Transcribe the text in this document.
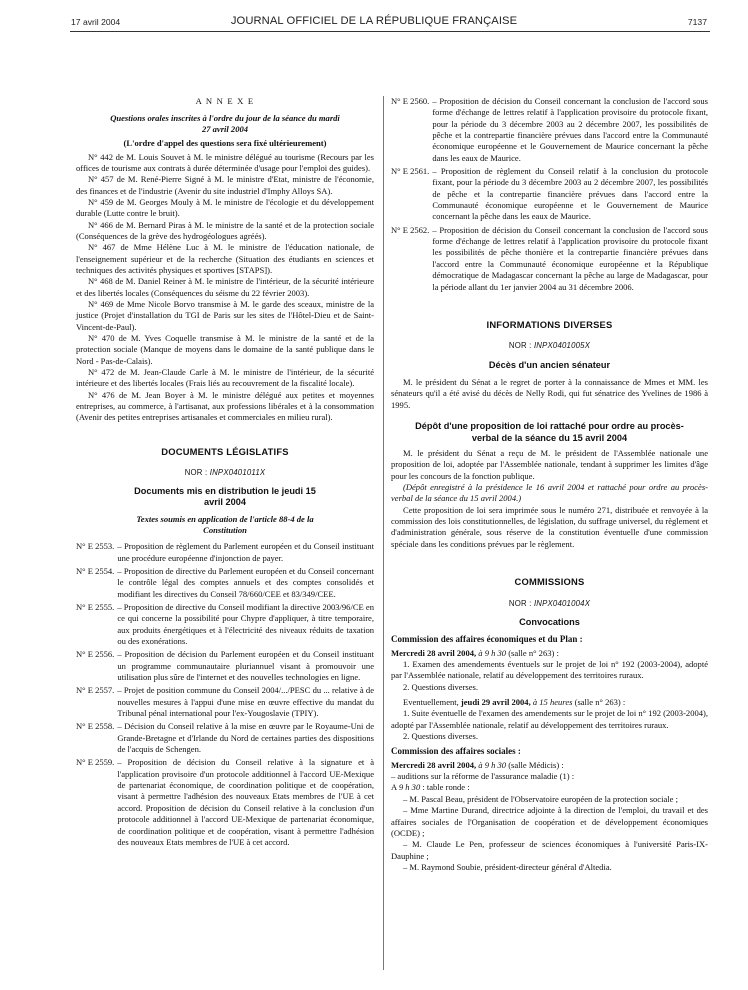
17 avril 2004	JOURNAL OFFICIEL DE LA RÉPUBLIQUE FRANÇAISE	7137

A N N E X E

Questions orales inscrites à l'ordre du jour de la séance du mardi 27 avril 2004

(L'ordre d'appel des questions sera fixé ultérieurement)

N° 442 de M. Louis Souvet à M. le ministre délégué au tourisme (Recours par les offices de tourisme aux contrats à durée déterminée d'usage pour l'emploi des guides).

N° 457 de M. René-Pierre Signé à M. le ministre d'Etat, ministre de l'économie, des finances et de l'industrie (Avenir du site industriel d'Imphy Alloys SA).

N° 459 de M. Georges Mouly à M. le ministre de l'écologie et du développement durable (Lutte contre le bruit).

N° 466 de M. Bernard Piras à M. le ministre de la santé et de la protection sociale (Conséquences de la grève des hydrogéologues agréés).

N° 467 de Mme Hélène Luc à M. le ministre de l'éducation nationale, de l'enseignement supérieur et de la recherche (Situation des étudiants en sciences et techniques des activités physiques et sportives [STAPS]).

N° 468 de M. Daniel Reiner à M. le ministre de l'intérieur, de la sécurité intérieure et des libertés locales (Conséquences du séisme du 22 février 2003).

N° 469 de Mme Nicole Borvo transmise à M. le garde des sceaux, ministre de la justice (Projet d'installation du TGI de Paris sur les sites de l'Hôtel-Dieu et de Saint-Vincent-de-Paul).

N° 470 de M. Yves Coquelle transmise à M. le ministre de la santé et de la protection sociale (Manque de moyens dans le domaine de la santé publique dans le Nord - Pas-de-Calais).

N° 472 de M. Jean-Claude Carle à M. le ministre de l'intérieur, de la sécurité intérieure et des libertés locales (Frais liés au recouvrement de la fiscalité locale).

N° 476 de M. Jean Boyer à M. le ministre délégué aux petites et moyennes entreprises, au commerce, à l'artisanat, aux professions libérales et à la consommation (Avenir des petites entreprises artisanales et commerciales en milieu rural).

DOCUMENTS LÉGISLATIFS

NOR : INPX0401011X

Documents mis en distribution le jeudi 15 avril 2004

Textes soumis en application de l'article 88-4 de la Constitution

N° E 2553. – Proposition de règlement du Parlement européen et du Conseil instituant une procédure européenne d'injonction de payer.
N° E 2554. – Proposition de directive du Parlement européen et du Conseil concernant le contrôle légal des comptes annuels et des comptes consolidés et modifiant les directives du Conseil 78/660/CEE et 83/349/CEE.
N° E 2555. – Proposition de directive du Conseil modifiant la directive 2003/96/CE en ce qui concerne la possibilité pour Chypre d'appliquer, à titre temporaire, aux produits énergétiques et à l'électricité des niveaux réduits de taxation ou des exonérations.
N° E 2556. – Proposition de décision du Parlement européen et du Conseil instituant un programme communautaire pluriannuel visant à promouvoir une utilisation plus sûre de l'internet et des nouvelles technologies en ligne.
N° E 2557. – Projet de position commune du Conseil 2004/.../PESC du ... relative à de nouvelles mesures à l'appui d'une mise en œuvre effective du mandat du Tribunal pénal international pour l'ex-Yougoslavie (TPIY).
N° E 2558. – Décision du Conseil relative à la mise en œuvre par le Royaume-Uni de Grande-Bretagne et d'Irlande du Nord de certaines parties des dispositions de l'acquis de Schengen.
N° E 2559. – Proposition de décision du Conseil relative à la signature et à l'application provisoire d'un protocole additionnel à l'accord UE-Mexique de partenariat économique, de coordination politique et de coopération, visant à permettre l'adhésion des nouveaux Etats membres de l'UE à cet accord. Proposition de décision du Conseil relative à la conclusion d'un protocole additionnel à l'accord UE-Mexique de partenariat économique, de coordination politique et de coopération, visant à permettre l'adhésion des nouveaux Etats membres de l'UE à cet accord.
N° E 2560. – Proposition de décision du Conseil concernant la conclusion de l'accord sous forme d'échange de lettres relatif à l'application provisoire du protocole fixant, pour la période du 3 décembre 2003 au 2 décembre 2007, les possibilités de pêche et la contrepartie financière prévues dans l'accord entre la Communauté économique européenne et le Gouvernement de Maurice concernant la pêche dans les eaux de Maurice.
N° E 2561. – Proposition de règlement du Conseil relatif à la conclusion du protocole fixant, pour la période du 3 décembre 2003 au 2 décembre 2007, les possibilités de pêche et la contrepartie financière prévues dans l'accord entre la Communauté économique européenne et le Gouvernement de Maurice concernant la pêche dans les eaux de Maurice.
N° E 2562. – Proposition de décision du Conseil concernant la conclusion de l'accord sous forme d'échange de lettres relatif à l'application provisoire du protocole fixant les possibilités de pêche thonière et la contrepartie financière prévues dans l'accord entre la Communauté économique européenne et la République démocratique de Madagascar concernant la pêche au large de Madagascar, pour la période allant du 1er janvier 2004 au 31 décembre 2006.

INFORMATIONS DIVERSES

NOR : INPX0401005X

Décès d'un ancien sénateur

M. le président du Sénat a le regret de porter à la connaissance de Mmes et MM. les sénateurs qu'il a été avisé du décès de Nelly Rodi, qui fut sénatrice des Yvelines de 1986 à 1995.

Dépôt d'une proposition de loi rattaché pour ordre au procès-verbal de la séance du 15 avril 2004

M. le président du Sénat a reçu de M. le président de l'Assemblée nationale une proposition de loi, adoptée par l'Assemblée nationale, tendant à supprimer les limites d'âge pour les concours de la fonction publique.

(Dépôt enregistré à la présidence le 16 avril 2004 et rattaché pour ordre au procès-verbal de la séance du 15 avril 2004.)

Cette proposition de loi sera imprimée sous le numéro 271, distribuée et renvoyée à la commission des lois constitutionnelles, de législation, du suffrage universel, du règlement et d'administration générale, sous réserve de la constitution éventuelle d'une commission spéciale dans les conditions prévues par le règlement.

COMMISSIONS

NOR : INPX0401004X

Convocations

Commission des affaires économiques et du Plan :

Mercredi 28 avril 2004, à 9 h 30 (salle n° 263) :

1. Examen des amendements éventuels sur le projet de loi n° 192 (2003-2004), adopté par l'Assemblée nationale, relatif au développement des territoires ruraux.

2. Questions diverses.

Eventuellement, jeudi 29 avril 2004, à 15 heures (salle n° 263) :

1. Suite éventuelle de l'examen des amendements sur le projet de loi n° 192 (2003-2004), adopté par l'Assemblée nationale, relatif au développement des territoires ruraux.

2. Questions diverses.

Commission des affaires sociales :

Mercredi 28 avril 2004, à 9 h 30 (salle Médicis) :

– auditions sur la réforme de l'assurance maladie (1) :

A 9 h 30 : table ronde :

– M. Pascal Beau, président de l'Observatoire européen de la protection sociale ;

– Mme Martine Durand, directrice adjointe à la direction de l'emploi, du travail et des affaires sociales de l'Organisation de coopération et de développement économiques (OCDE) ;

– M. Claude Le Pen, professeur de sciences économiques à l'université Paris-IX-Dauphine ;

– M. Raymond Soubie, président-directeur général d'Altedia.
